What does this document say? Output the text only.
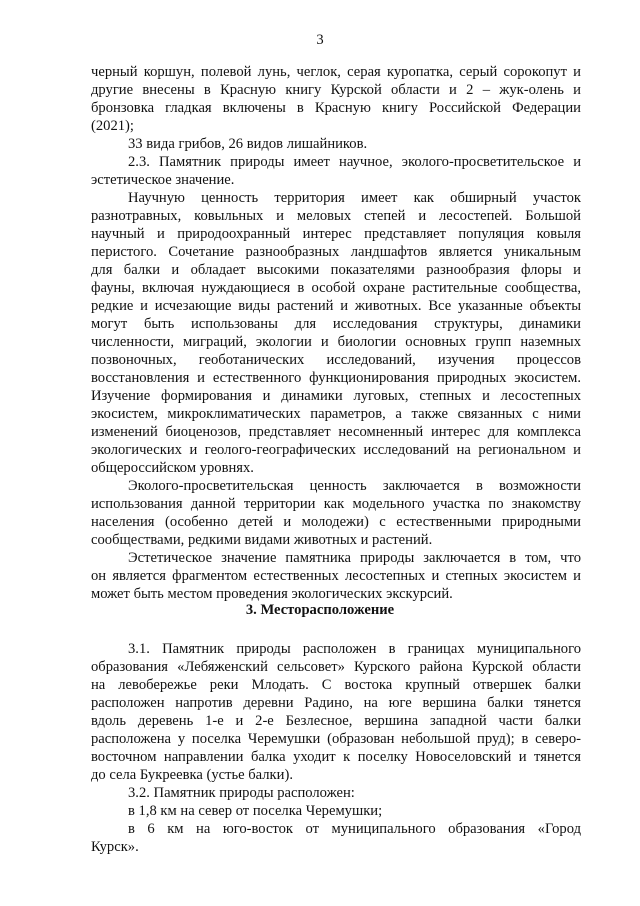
3
черный коршун, полевой лунь, чеглок, серая куропатка, серый сорокопут и
другие внесены в Красную книгу Курской области и 2 – жук-олень и
бронзовка гладкая включены в Красную книгу Российской Федерации
(2021);
33 вида грибов, 26 видов лишайников.
2.3. Памятник природы имеет научное, эколого-просветительское и
эстетическое значение.
Научную ценность территория имеет как обширный участок
разнотравных, ковыльных и меловых степей и лесостепей. Большой
научный и природоохранный интерес представляет популяция ковыля
перистого. Сочетание разнообразных ландшафтов является уникальным
для балки и обладает высокими показателями разнообразия флоры и
фауны, включая нуждающиеся в особой охране растительные сообщества,
редкие и исчезающие виды растений и животных. Все указанные объекты
могут быть использованы для исследования структуры, динамики
численности, миграций, экологии и биологии основных групп наземных
позвоночных, геоботанических исследований, изучения процессов
восстановления и естественного функционирования природных экосистем.
Изучение формирования и динамики луговых, степных и лесостепных
экосистем, микроклиматических параметров, а также связанных с ними
изменений биоценозов, представляет несомненный интерес для комплекса
экологических и геолого-географических исследований на региональном и
общероссийском уровнях.
Эколого-просветительская ценность заключается в возможности
использования данной территории как модельного участка по знакомству
населения (особенно детей и молодежи) с естественными природными
сообществами, редкими видами животных и растений.
Эстетическое значение памятника природы заключается в том, что
он является фрагментом естественных лесостепных и степных экосистем и
может быть местом проведения экологических экскурсий.
3. Месторасположение
3.1. Памятник природы расположен в границах муниципального
образования «Лебяженский сельсовет» Курского района Курской области
на левобережье реки Млодать. С востока крупный отвершек балки
расположен напротив деревни Радино, на юге вершина балки тянется
вдоль деревень 1-е и 2-е Безлесное, вершина западной части балки
расположена у поселка Черемушки (образован небольшой пруд); в северо-
восточном направлении балка уходит к поселку Новоселовский и тянется
до села Букреевка (устье балки).
3.2. Памятник природы расположен:
в 1,8 км на север от поселка Черемушки;
в 6 км на юго-восток от муниципального образования «Город
Курск».
